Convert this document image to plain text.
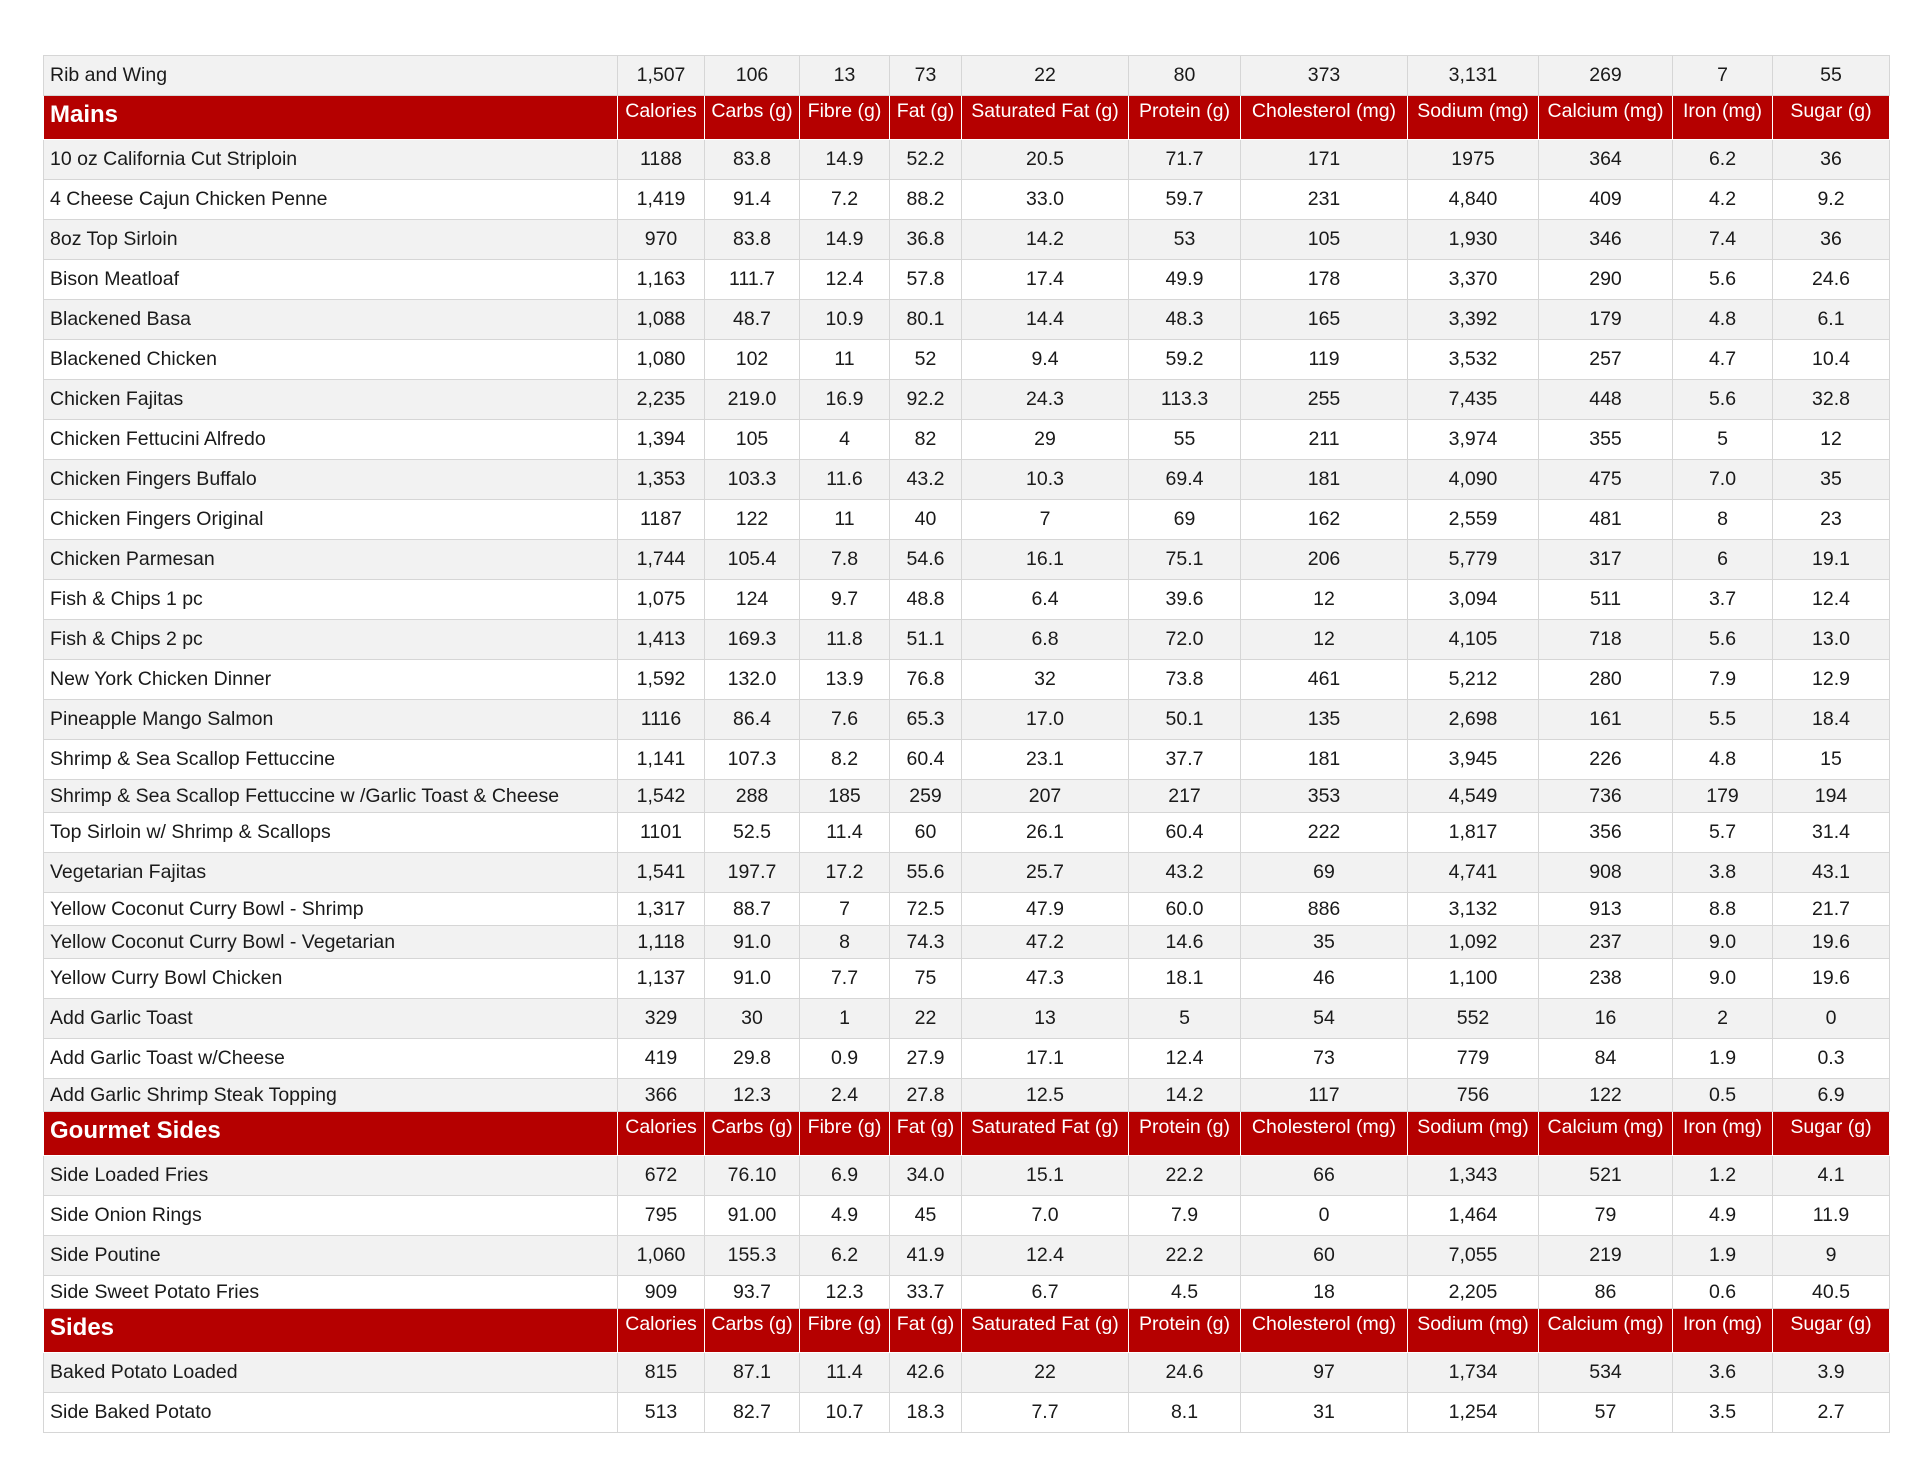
Rib and Wing	1,507	106	13	73	22	80	373	3,131	269	7	55
Mains	Calories	Carbs (g)	Fibre (g)	Fat (g)	Saturated Fat (g)	Protein (g)	Cholesterol (mg)	Sodium (mg)	Calcium (mg)	Iron (mg)	Sugar (g)
10 oz California Cut Striploin	1188	83.8	14.9	52.2	20.5	71.7	171	1975	364	6.2	36
4 Cheese Cajun Chicken Penne	1,419	91.4	7.2	88.2	33.0	59.7	231	4,840	409	4.2	9.2
8oz Top Sirloin	970	83.8	14.9	36.8	14.2	53	105	1,930	346	7.4	36
Bison Meatloaf	1,163	111.7	12.4	57.8	17.4	49.9	178	3,370	290	5.6	24.6
Blackened Basa	1,088	48.7	10.9	80.1	14.4	48.3	165	3,392	179	4.8	6.1
Blackened Chicken	1,080	102	11	52	9.4	59.2	119	3,532	257	4.7	10.4
Chicken Fajitas	2,235	219.0	16.9	92.2	24.3	113.3	255	7,435	448	5.6	32.8
Chicken Fettucini Alfredo	1,394	105	4	82	29	55	211	3,974	355	5	12
Chicken Fingers Buffalo	1,353	103.3	11.6	43.2	10.3	69.4	181	4,090	475	7.0	35
Chicken Fingers Original	1187	122	11	40	7	69	162	2,559	481	8	23
Chicken Parmesan	1,744	105.4	7.8	54.6	16.1	75.1	206	5,779	317	6	19.1
Fish & Chips 1 pc	1,075	124	9.7	48.8	6.4	39.6	12	3,094	511	3.7	12.4
Fish & Chips 2 pc	1,413	169.3	11.8	51.1	6.8	72.0	12	4,105	718	5.6	13.0
New York Chicken Dinner	1,592	132.0	13.9	76.8	32	73.8	461	5,212	280	7.9	12.9
Pineapple Mango Salmon	1116	86.4	7.6	65.3	17.0	50.1	135	2,698	161	5.5	18.4
Shrimp & Sea Scallop Fettuccine	1,141	107.3	8.2	60.4	23.1	37.7	181	3,945	226	4.8	15
Shrimp & Sea Scallop Fettuccine w /Garlic Toast & Cheese	1,542	288	185	259	207	217	353	4,549	736	179	194
Top Sirloin w/ Shrimp & Scallops	1101	52.5	11.4	60	26.1	60.4	222	1,817	356	5.7	31.4
Vegetarian Fajitas	1,541	197.7	17.2	55.6	25.7	43.2	69	4,741	908	3.8	43.1
Yellow Coconut Curry Bowl - Shrimp	1,317	88.7	7	72.5	47.9	60.0	886	3,132	913	8.8	21.7
Yellow Coconut Curry Bowl - Vegetarian	1,118	91.0	8	74.3	47.2	14.6	35	1,092	237	9.0	19.6
Yellow Curry Bowl Chicken	1,137	91.0	7.7	75	47.3	18.1	46	1,100	238	9.0	19.6
Add Garlic Toast	329	30	1	22	13	5	54	552	16	2	0
Add Garlic Toast w/Cheese	419	29.8	0.9	27.9	17.1	12.4	73	779	84	1.9	0.3
Add Garlic Shrimp Steak Topping	366	12.3	2.4	27.8	12.5	14.2	117	756	122	0.5	6.9
Gourmet Sides	Calories	Carbs (g)	Fibre (g)	Fat (g)	Saturated Fat (g)	Protein (g)	Cholesterol (mg)	Sodium (mg)	Calcium (mg)	Iron (mg)	Sugar (g)
Side Loaded Fries	672	76.10	6.9	34.0	15.1	22.2	66	1,343	521	1.2	4.1
Side Onion Rings	795	91.00	4.9	45	7.0	7.9	0	1,464	79	4.9	11.9
Side Poutine	1,060	155.3	6.2	41.9	12.4	22.2	60	7,055	219	1.9	9
Side Sweet Potato Fries	909	93.7	12.3	33.7	6.7	4.5	18	2,205	86	0.6	40.5
Sides	Calories	Carbs (g)	Fibre (g)	Fat (g)	Saturated Fat (g)	Protein (g)	Cholesterol (mg)	Sodium (mg)	Calcium (mg)	Iron (mg)	Sugar (g)
Baked Potato Loaded	815	87.1	11.4	42.6	22	24.6	97	1,734	534	3.6	3.9
Side Baked Potato	513	82.7	10.7	18.3	7.7	8.1	31	1,254	57	3.5	2.7
